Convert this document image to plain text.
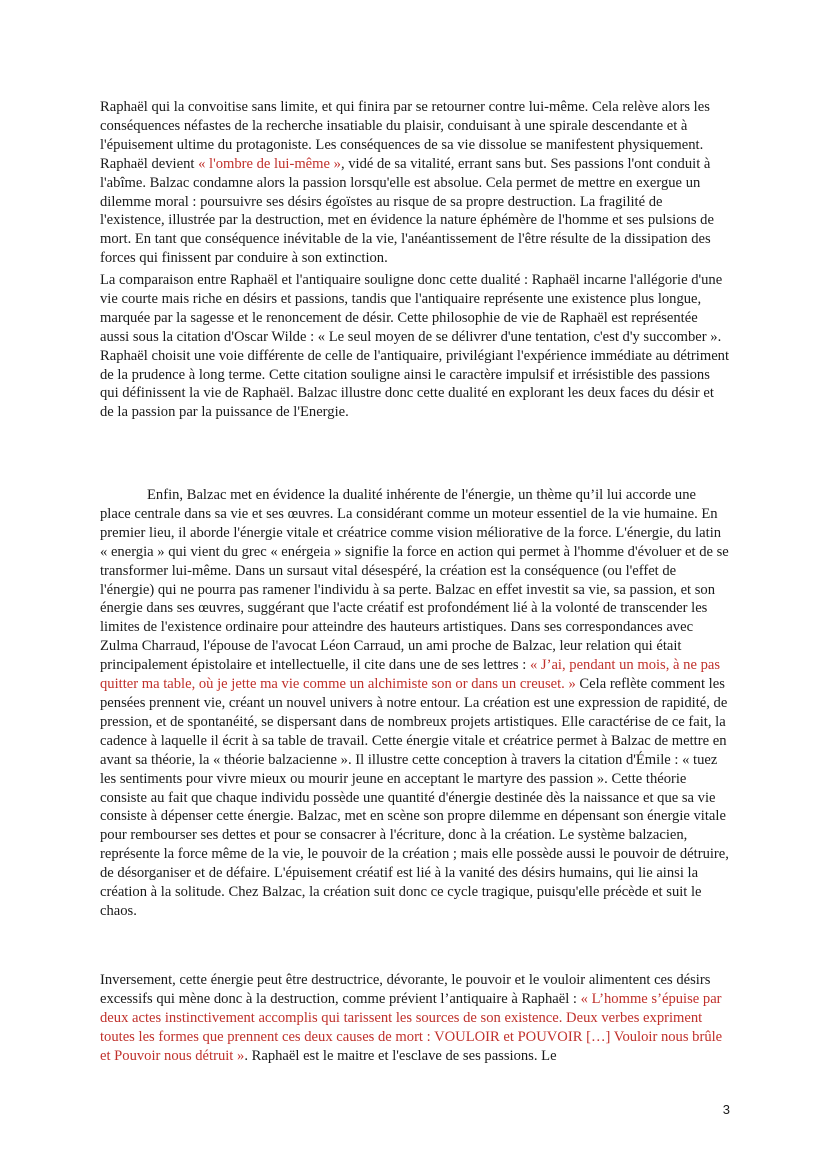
Raphaël qui la convoitise sans limite, et qui finira par se retourner contre lui-même. Cela relève alors les conséquences néfastes de la recherche insatiable du plaisir, conduisant à une spirale descendante et à l'épuisement ultime du protagoniste. Les conséquences de sa vie dissolue se manifestent physiquement. Raphaël devient « l'ombre de lui-même », vidé de sa vitalité, errant sans but. Ses passions l'ont conduit à l'abîme. Balzac condamne alors la passion lorsqu'elle est absolue. Cela permet de mettre en exergue un dilemme moral : poursuivre ses désirs égoïstes au risque de sa propre destruction. La fragilité de l'existence, illustrée par la destruction, met en évidence la nature éphémère de l'homme et ses pulsions de mort. En tant que conséquence inévitable de la vie, l'anéantissement de l'être résulte de la dissipation des forces qui finissent par conduire à son extinction.

La comparaison entre Raphaël et l'antiquaire souligne donc cette dualité : Raphaël incarne l'allégorie d'une vie courte mais riche en désirs et passions, tandis que l'antiquaire représente une existence plus longue, marquée par la sagesse et le renoncement de désir. Cette philosophie de vie de Raphaël est représentée aussi sous la citation d'Oscar Wilde : « Le seul moyen de se délivrer d'une tentation, c'est d'y succomber ». Raphaël choisit une voie différente de celle de l'antiquaire, privilégiant l'expérience immédiate au détriment de la prudence à long terme. Cette citation souligne ainsi le caractère impulsif et irrésistible des passions qui définissent la vie de Raphaël. Balzac illustre donc cette dualité en explorant les deux faces du désir et de la passion par la puissance de l'Energie.

Enfin, Balzac met en évidence la dualité inhérente de l'énergie, un thème qu’il lui accorde une place centrale dans sa vie et ses œuvres. La considérant comme un moteur essentiel de la vie humaine. En premier lieu, il aborde l'énergie vitale et créatrice comme vision méliorative de la force. L'énergie, du latin « energia » qui vient du grec « enérgeia » signifie la force en action qui permet à l'homme d'évoluer et de se transformer lui-même. Dans un sursaut vital désespéré, la création est la conséquence (ou l'effet de l'énergie) qui ne pourra pas ramener l'individu à sa perte. Balzac en effet investit sa vie, sa passion, et son énergie dans ses œuvres, suggérant que l'acte créatif est profondément lié à la volonté de transcender les limites de l'existence ordinaire pour atteindre des hauteurs artistiques. Dans ses correspondances avec Zulma Charraud, l'épouse de l'avocat Léon Carraud, un ami proche de Balzac, leur relation qui était principalement épistolaire et intellectuelle, il cite dans une de ses lettres : « J’ai, pendant un mois, à ne pas quitter ma table, où je jette ma vie comme un alchimiste son or dans un creuset. » Cela reflète comment les pensées prennent vie, créant un nouvel univers à notre entour. La création est une expression de rapidité, de pression, et de spontanéité, se dispersant dans de nombreux projets artistiques. Elle caractérise de ce fait, la cadence à laquelle il écrit à sa table de travail. Cette énergie vitale et créatrice permet à Balzac de mettre en avant sa théorie, la « théorie balzacienne ». Il illustre cette conception à travers la citation d'Émile : « tuez les sentiments pour vivre mieux ou mourir jeune en acceptant le martyre des passion ». Cette théorie consiste au fait que chaque individu possède une quantité d'énergie destinée dès la naissance et que sa vie consiste à dépenser cette énergie. Balzac, met en scène son propre dilemme en dépensant son énergie vitale pour rembourser ses dettes et pour se consacrer à l'écriture, donc à la création. Le système balzacien, représente la force même de la vie, le pouvoir de la création ; mais elle possède aussi le pouvoir de détruire, de désorganiser et de défaire. L'épuisement créatif est lié à la vanité des désirs humains, qui lie ainsi la création à la solitude. Chez Balzac, la création suit donc ce cycle tragique, puisqu'elle précède et suit le chaos.

Inversement, cette énergie peut être destructrice, dévorante, le pouvoir et le vouloir alimentent ces désirs excessifs qui mène donc à la destruction, comme prévient l’antiquaire à Raphaël : « L’homme s’épuise par deux actes instinctivement accomplis qui tarissent les sources de son existence. Deux verbes expriment toutes les formes que prennent ces deux causes de mort : VOULOIR et POUVOIR […] Vouloir nous brûle et Pouvoir nous détruit ». Raphaël est le maitre et l'esclave de ses passions. Le

3
